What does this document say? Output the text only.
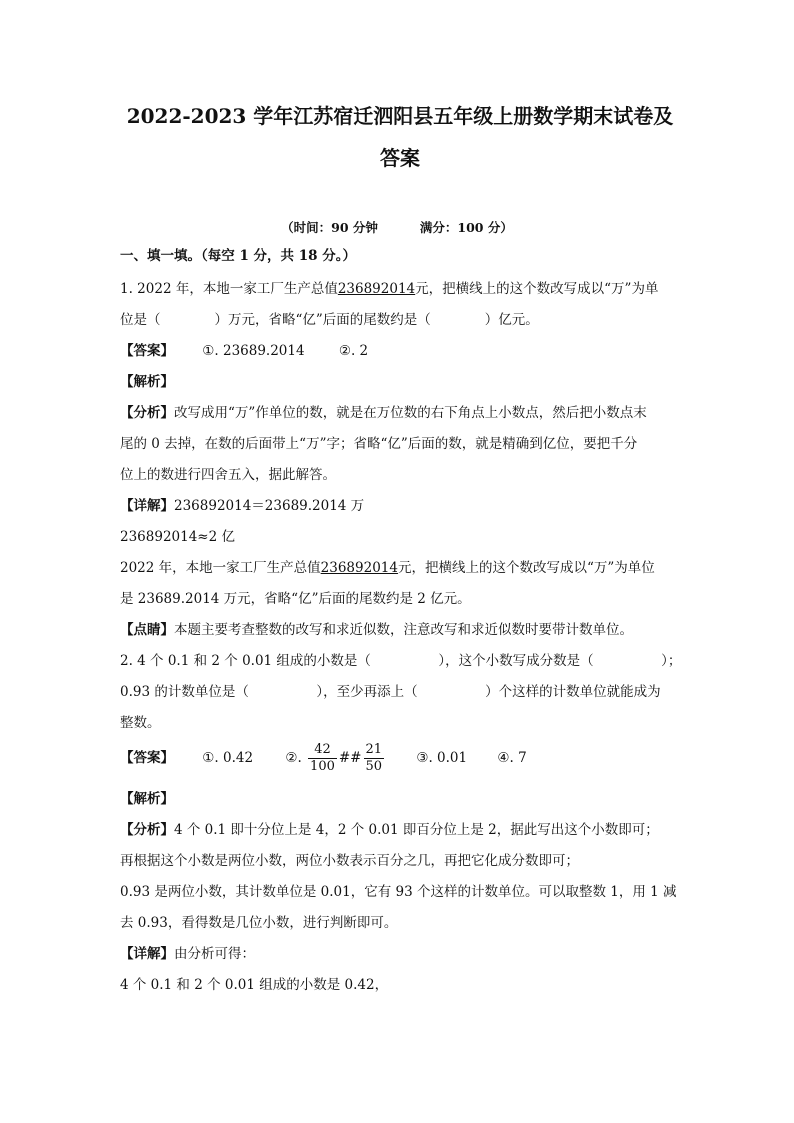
2022-2023 学年江苏宿迁泗阳县五年级上册数学期末试卷及
答案
（时间：90 分钟	满分：100 分）
一、填一填。（每空 1 分，共 18 分。）
1. 2022 年，本地一家工厂生产总值236892014元，把横线上的这个数改写成以“万”为单
位是（　　　　）万元，省略“亿”后面的尾数约是（　　　　）亿元。
【答案】 ①. 23689.2014	②. 2
【解析】
【分析】改写成用“万”作单位的数，就是在万位数的右下角点上小数点，然后把小数点末
尾的 0 去掉，在数的后面带上“万”字；省略“亿”后面的数，就是精确到亿位，要把千分
位上的数进行四舍五入，据此解答。
【详解】236892014＝23689.2014 万
236892014≈2 亿
2022 年，本地一家工厂生产总值236892014元，把横线上的这个数改写成以“万”为单位
是 23689.2014 万元，省略“亿”后面的尾数约是 2 亿元。
【点睛】本题主要考查整数的改写和求近似数，注意改写和求近似数时要带计数单位。
2. 4 个 0.1 和 2 个 0.01 组成的小数是（　　　　　），这个小数写成分数是（　　　　　）；
0.93 的计数单位是（　　　　　），至少再添上（　　　　　）个这样的计数单位就能成为
整数。
【答案】 ①. 0.42 ②. $\frac{42}{100}$ ## $\frac{21}{50}$ ③. 0.01 ④. 7
【解析】
【分析】4 个 0.1 即十分位上是 4，2 个 0.01 即百分位上是 2，据此写出这个小数即可；
再根据这个小数是两位小数，两位小数表示百分之几，再把它化成分数即可；
0.93 是两位小数，其计数单位是 0.01，它有 93 个这样的计数单位。可以取整数 1，用 1 减
去 0.93，看得数是几位小数，进行判断即可。
【详解】由分析可得：
4 个 0.1 和 2 个 0.01 组成的小数是 0.42，
